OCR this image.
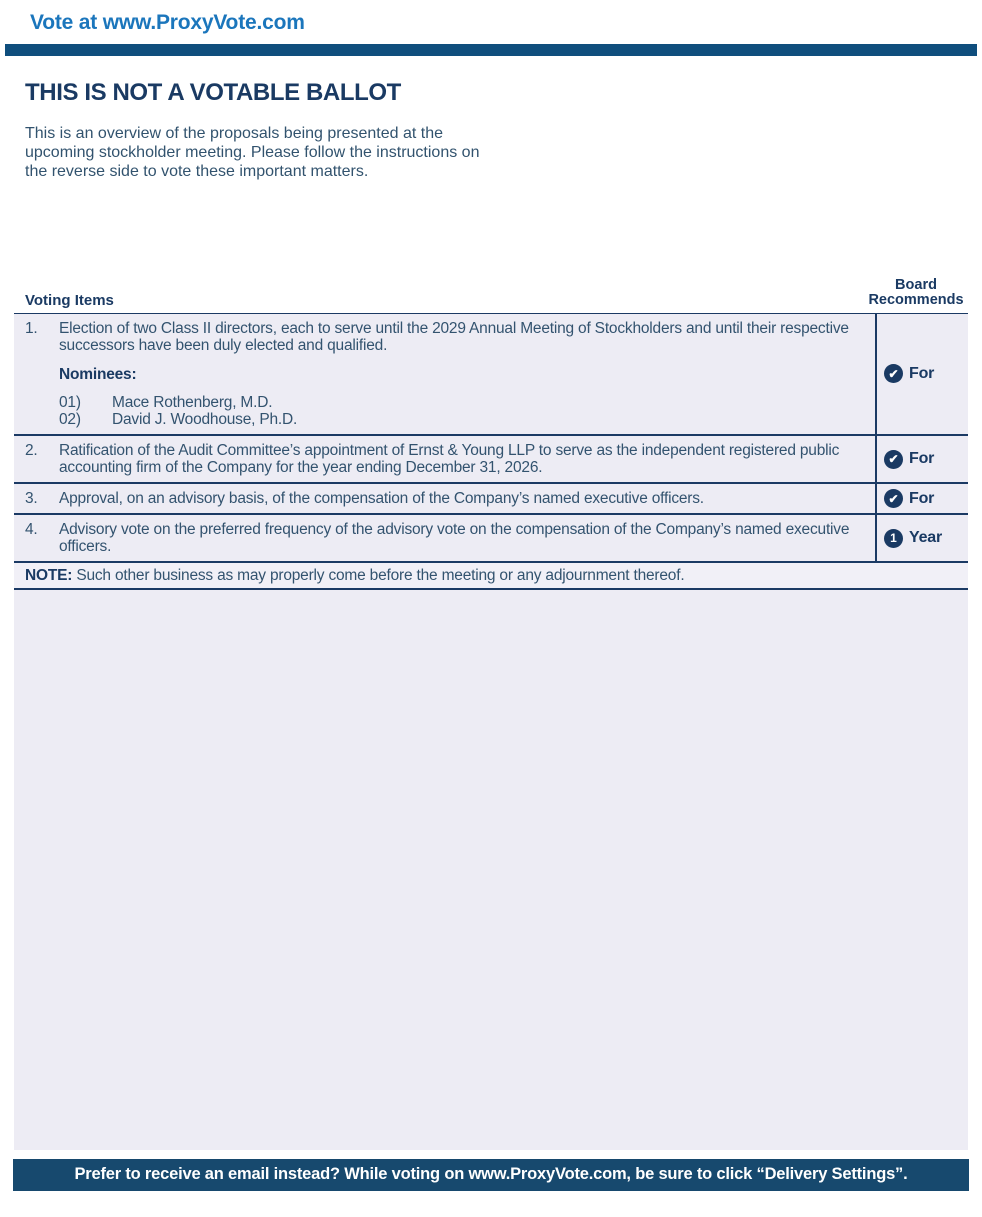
Vote at www.ProxyVote.com
THIS IS NOT A VOTABLE BALLOT
This is an overview of the proposals being presented at the upcoming stockholder meeting. Please follow the instructions on the reverse side to vote these important matters.
Voting Items
Board
Recommends
1.	Election of two Class II directors, each to serve until the 2029 Annual Meeting of Stockholders and until their respective successors have been duly elected and qualified.
Nominees:
01)	Mace Rothenberg, M.D.
02)	David J. Woodhouse, Ph.D.
✔ For
2.	Ratification of the Audit Committee’s appointment of Ernst & Young LLP to serve as the independent registered public accounting firm of the Company for the year ending December 31, 2026.	✔ For
3.	Approval, on an advisory basis, of the compensation of the Company’s named executive officers.	✔ For
4.	Advisory vote on the preferred frequency of the advisory vote on the compensation of the Company’s named executive officers.	1 Year
NOTE: Such other business as may properly come before the meeting or any adjournment thereof.
Prefer to receive an email instead? While voting on www.ProxyVote.com, be sure to click “Delivery Settings”.
